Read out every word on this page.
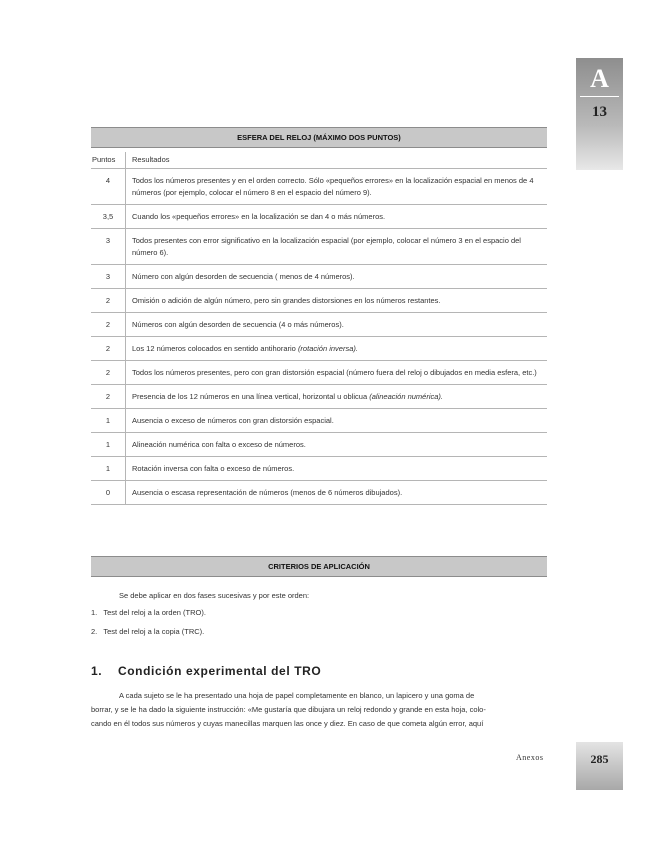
A
13
ESFERA DEL RELOJ (MÁXIMO DOS PUNTOS)
Puntos	Resultados
4	Todos los números presentes y en el orden correcto. Sólo «pequeños errores» en la localización espacial en menos de 4 números (por ejemplo, colocar el número 8 en el espacio del número 9).
3,5	Cuando los «pequeños errores» en la localización se dan 4 o más números.
3	Todos presentes con error significativo en la localización espacial (por ejemplo, colocar el número 3 en el espacio del número 6).
3	Número con algún desorden de secuencia ( menos de 4 números).
2	Omisión o adición de algún número, pero sin grandes distorsiones en los números restantes.
2	Números con algún desorden de secuencia (4 o más números).
2	Los 12 números colocados en sentido antihorario (rotación inversa).
2	Todos los números presentes, pero con gran distorsión espacial (número fuera del reloj o dibujados en media esfera, etc.)
2	Presencia de los 12 números en una línea vertical, horizontal u oblicua (alineación numérica).
1	Ausencia o exceso de números con gran distorsión espacial.
1	Alineación numérica con falta o exceso de números.
1	Rotación inversa con falta o exceso de números.
0	Ausencia o escasa representación de números (menos de 6 números dibujados).
CRITERIOS DE APLICACIÓN
Se debe aplicar en dos fases sucesivas y por este orden:
1. Test del reloj a la orden (TRO).
2. Test del reloj a la copia (TRC).
1. Condición experimental del TRO
A cada sujeto se le ha presentado una hoja de papel completamente en blanco, un lapicero y una goma de
borrar, y se le ha dado la siguiente instrucción: «Me gustaría que dibujara un reloj redondo y grande en esta hoja, colo-
cando en él todos sus números y cuyas manecillas marquen las once y diez. En caso de que cometa algún error, aquí
Anexos	285
